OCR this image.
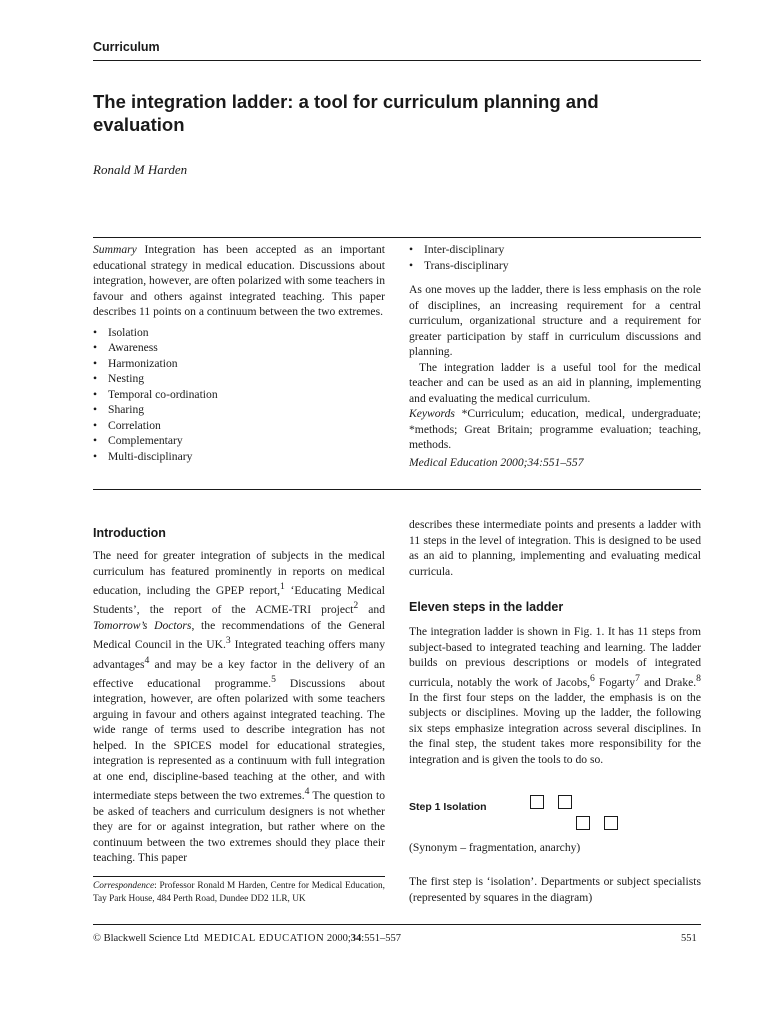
Curriculum
The integration ladder: a tool for curriculum planning and evaluation
Ronald M Harden

Summary Integration has been accepted as an important educational strategy in medical education. Discussions about integration, however, are often polarized with some teachers in favour and others against integrated teaching. This paper describes 11 points on a continuum between the two extremes.

• Isolation
• Awareness
• Harmonization
• Nesting
• Temporal co-ordination
• Sharing
• Correlation
• Complementary
• Multi-disciplinary
• Inter-disciplinary
• Trans-disciplinary

As one moves up the ladder, there is less emphasis on the role of disciplines, an increasing requirement for a central curriculum, organizational structure and a requirement for greater participation by staff in curriculum discussions and planning.

The integration ladder is a useful tool for the medical teacher and can be used as an aid in planning, implementing and evaluating the medical curriculum.

Keywords *Curriculum; education, medical, undergraduate; *methods; Great Britain; programme evaluation; teaching, methods.

Medical Education 2000;34:551–557

Introduction

The need for greater integration of subjects in the medical curriculum has featured prominently in reports on medical education, including the GPEP report,$^1$ ‘Educating Medical Students’, the report of the ACME-TRI project$^2$ and Tomorrow’s Doctors, the recommendations of the General Medical Council in the UK.$^3$ Integrated teaching offers many advantages$^4$ and may be a key factor in the delivery of an effective educational programme.$^5$ Discussions about integration, however, are often polarized with some teachers arguing in favour and others against integrated teaching. The wide range of terms used to describe integration has not helped. In the SPICES model for educational strategies, integration is represented as a continuum with full integration at one end, discipline-based teaching at the other, and with intermediate steps between the two extremes.$^4$ The question to be asked of teachers and curriculum designers is not whether they are for or against integration, but rather where on the continuum between the two extremes should they place their teaching. This paper

Correspondence: Professor Ronald M Harden, Centre for Medical Education, Tay Park House, 484 Perth Road, Dundee DD2 1LR, UK
describes these intermediate points and presents a ladder with 11 steps in the level of integration. This is designed to be used as an aid to planning, implementing and evaluating medical curricula.
Eleven steps in the ladder

The integration ladder is shown in Fig. 1. It has 11 steps from subject-based to integrated teaching and learning. The ladder builds on previous descriptions or models of integrated curricula, notably the work of Jacobs,$^6$ Fogarty$^7$ and Drake.$^8$ In the first four steps on the ladder, the emphasis is on the subjects or disciplines. Moving up the ladder, the following six steps emphasize integration across several disciplines. In the final step, the student takes more responsibility for the integration and is given the tools to do so.

Step 1 Isolation
(Synonym – fragmentation, anarchy)
The first step is ‘isolation’. Departments or subject specialists (represented by squares in the diagram)
© Blackwell Science Ltd MEDICAL EDUCATION 2000;34:551–557	551
